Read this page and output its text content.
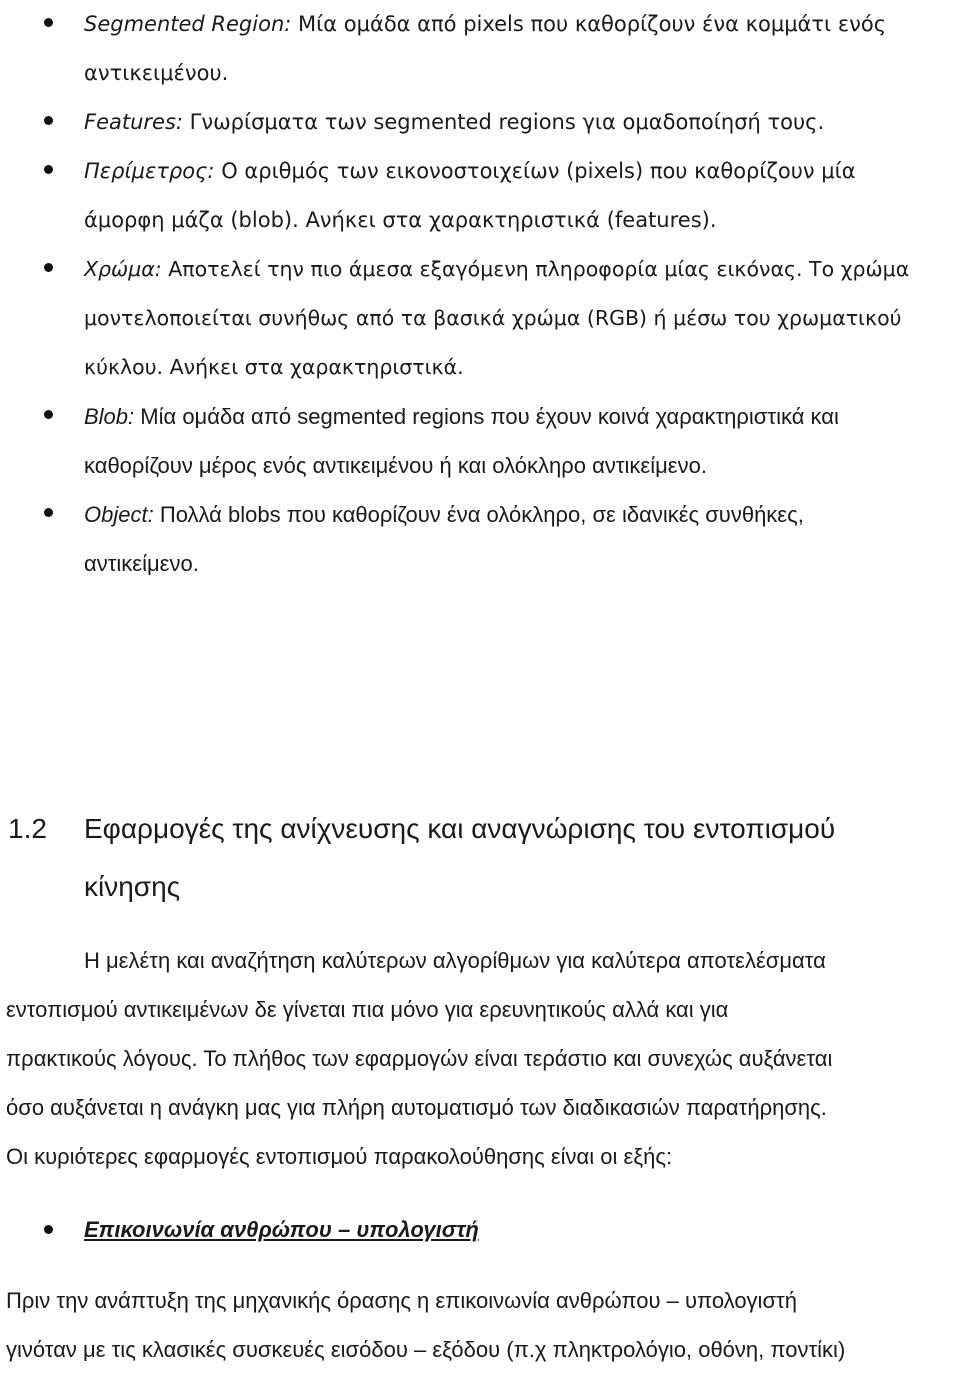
Segmented Region: Μία ομάδα από pixels που καθορίζουν ένα κομμάτι ενός
αντικειμένου.
Features: Γνωρίσματα των segmented regions για ομαδοποίησή τους.
Περίμετρος: Ο αριθμός των εικονοστοιχείων (pixels) που καθορίζουν μία
άμορφη μάζα (blob). Ανήκει στα χαρακτηριστικά (features).
Χρώμα: Αποτελεί την πιο άμεσα εξαγόμενη πληροφορία μίας εικόνας. Το χρώμα
μοντελοποιείται συνήθως από τα βασικά χρώμα (RGB) ή μέσω του χρωματικού
κύκλου. Ανήκει στα χαρακτηριστικά.
Blob: Μία ομάδα από segmented regions που έχουν κοινά χαρακτηριστικά και
καθορίζουν μέρος ενός αντικειμένου ή και ολόκληρο αντικείμενο.
Object: Πολλά blobs που καθορίζουν ένα ολόκληρο, σε ιδανικές συνθήκες,
αντικείμενο.
1.2 Εφαρμογές της ανίχνευσης και αναγνώρισης του εντοπισμού
κίνησης
Η μελέτη και αναζήτηση καλύτερων αλγορίθμων για καλύτερα αποτελέσματα
εντοπισμού αντικειμένων δε γίνεται πια μόνο για ερευνητικούς αλλά και για
πρακτικούς λόγους. Το πλήθος των εφαρμογών είναι τεράστιο και συνεχώς αυξάνεται
όσο αυξάνεται η ανάγκη μας για πλήρη αυτοματισμό των διαδικασιών παρατήρησης.
Οι κυριότερες εφαρμογές εντοπισμού παρακολούθησης είναι οι εξής:
Επικοινωνία ανθρώπου – υπολογιστή
Πριν την ανάπτυξη της μηχανικής όρασης η επικοινωνία ανθρώπου – υπολογιστή
γινόταν με τις κλασικές συσκευές εισόδου – εξόδου (π.χ πληκτρολόγιο, οθόνη, ποντίκι)
